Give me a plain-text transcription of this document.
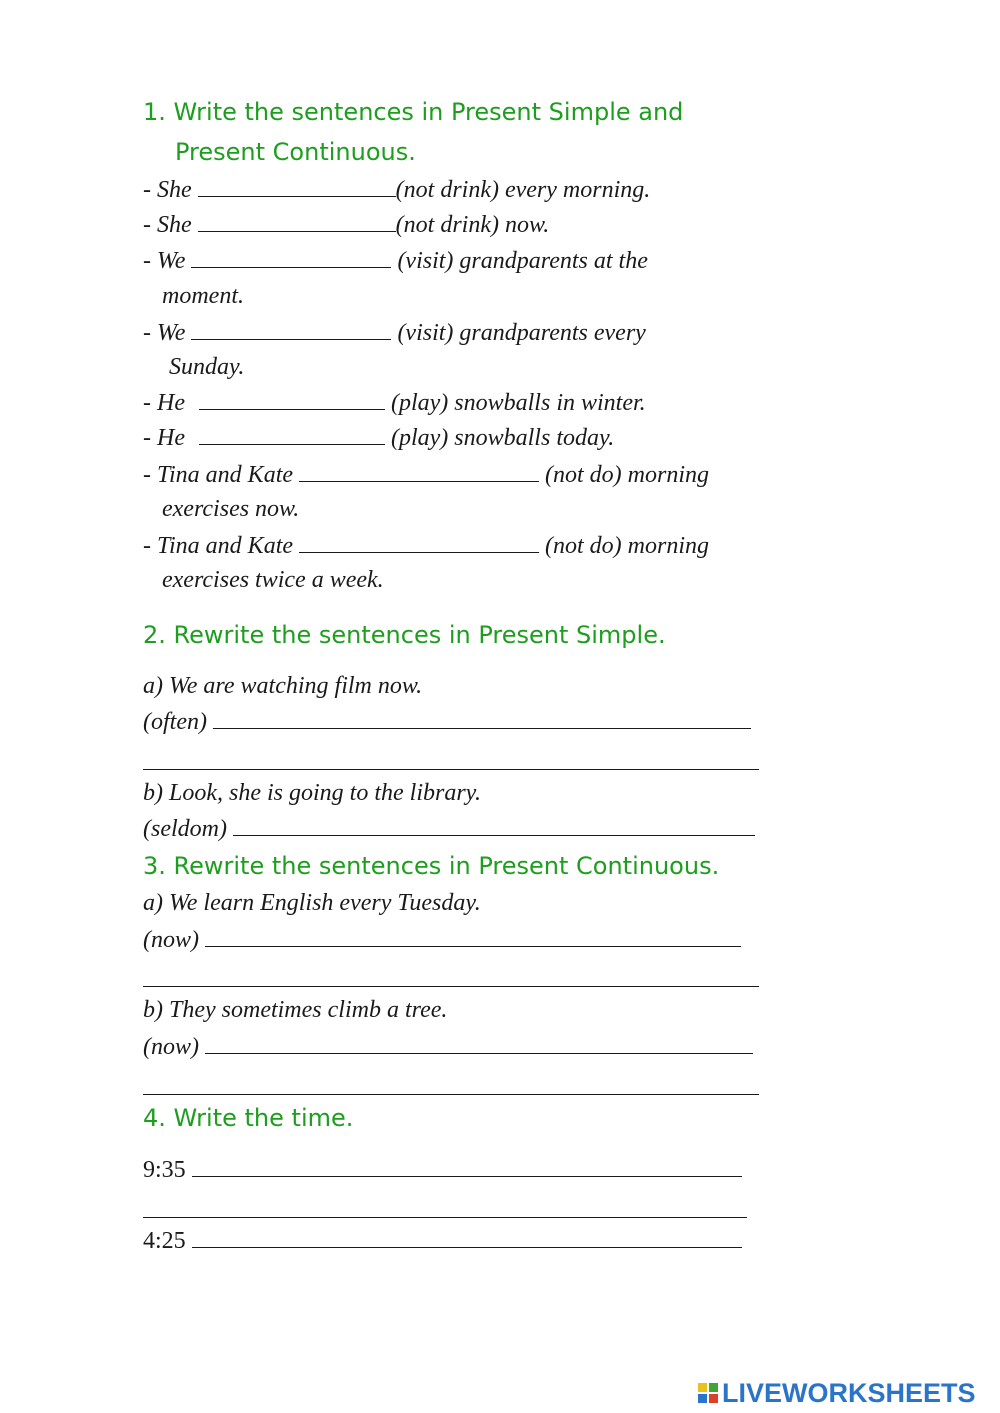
1. Write the sentences in Present Simple and
Present Continuous.
- She	(not drink) every morning.
- She	(not drink) now.
- We	(visit) grandparents at the
moment.
- We	(visit) grandparents every
Sunday.
- He	(play) snowballs in winter.
- He	(play) snowballs today.
- Tina and Kate	(not do) morning
exercises now.
- Tina and Kate	(not do) morning
exercises twice a week.
2. Rewrite the sentences in Present Simple.
a) We are watching film now.
(often)
b) Look, she is going to the library.
(seldom)
3. Rewrite the sentences in Present Continuous.
a) We learn English every Tuesday.
(now)
b) They sometimes climb a tree.
(now)
4. Write the time.
9:35
4:25
LIVEWORKSHEETS
